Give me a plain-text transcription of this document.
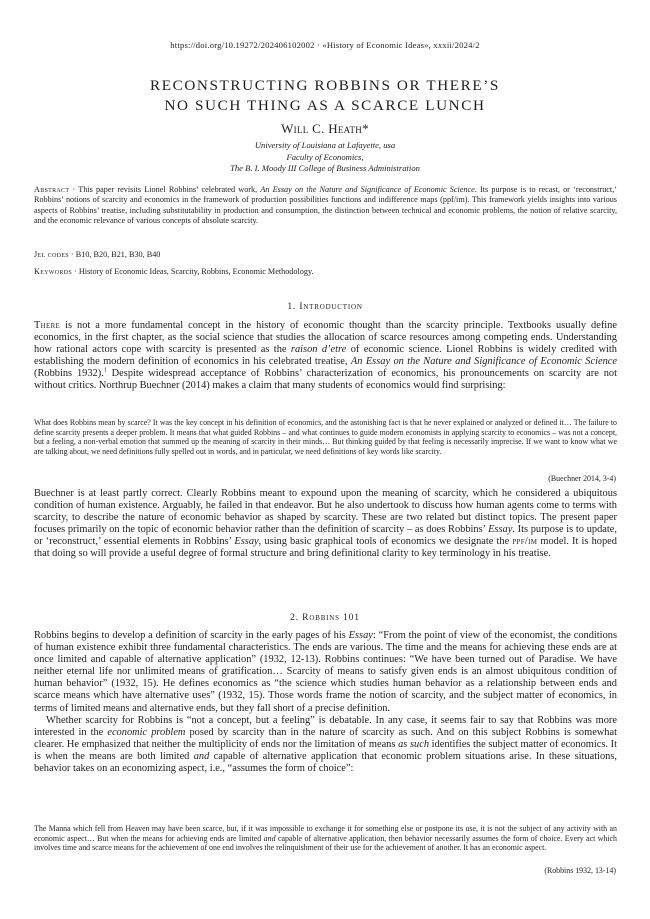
https://doi.org/10.19272/202406102002 · «History of Economic Ideas», xxxii/2024/2
RECONSTRUCTING ROBBINS OR THERE’S
NO SUCH THING AS A SCARCE LUNCH
Will C. Heath*
University of Louisiana at Lafayette, usa
Faculty of Economics,
The B. I. Moody III College of Business Administration
Abstract · This paper revisits Lionel Robbins’ celebrated work, An Essay on the Nature and Significance of Economic Science. Its purpose is to recast, or ‘reconstruct,’ Robbins’ notions of scarcity and economics in the framework of production possibilities functions and indifference maps (ppf/im). This framework yields insights into various aspects of Robbins’ treatise, including substitutability in production and consumption, the distinction between technical and economic problems, the notion of relative scarcity, and the economic relevance of various concepts of absolute scarcity.
Jel codes · B10, B20, B21, B30, B40
Keywords · History of Economic Ideas, Scarcity, Robbins, Economic Methodology.
1. Introduction
There is not a more fundamental concept in the history of economic thought than the scarcity principle. Textbooks usually define economics, in the first chapter, as the social science that studies the allocation of scarce resources among competing ends. Understanding how rational actors cope with scarcity is presented as the raison d’etre of economic science. Lionel Robbins is widely credited with establishing the modern definition of economics in his celebrated treatise, An Essay on the Nature and Significance of Economic Science (Robbins 1932).$^1$ Despite widespread acceptance of Robbins’ characterization of economics, his pronouncements on scarcity are not without critics. Northrup Buechner (2014) makes a claim that many students of economics would find surprising:
What does Robbins mean by scarce? It was the key concept in his definition of economics, and the astonishing fact is that he never explained or analyzed or defined it… The failure to define scarcity presents a deeper problem. It means that what guided Robbins – and what continues to guide modern economists in applying scarcity to economics – was not a concept, but a feeling, a non-verbal emotion that summed up the meaning of scarcity in their minds… But thinking guided by that feeling is necessarily imprecise. If we want to know what we are talking about, we need definitions fully spelled out in words, and in particular, we need definitions of key words like scarcity.
(Buechner 2014, 3-4)
Buechner is at least partly correct. Clearly Robbins meant to expound upon the meaning of scarcity, which he considered a ubiquitous condition of human existence. Arguably, he failed in that endeavor. But he also undertook to discuss how human agents come to terms with scarcity, to describe the nature of economic behavior as shaped by scarcity. These are two related but distinct topics. The present paper focuses primarily on the topic of economic behavior rather than the definition of scarcity – as does Robbins’ Essay. Its purpose is to update, or ‘reconstruct,’ essential elements in Robbins’ Essay, using basic graphical tools of economics we designate the ppf/im model. It is hoped that doing so will provide a useful degree of formal structure and bring definitional clarity to key terminology in his treatise.
2. Robbins 101

Robbins begins to develop a definition of scarcity in the early pages of his Essay: “From the point of view of the economist, the conditions of human existence exhibit three fundamental characteristics. The ends are various. The time and the means for achieving these ends are at once limited and capable of alternative application” (1932, 12-13). Robbins continues: “We have been turned out of Paradise. We have neither eternal life nor unlimited means of gratification… Scarcity of means to satisfy given ends is an almost ubiquitous condition of human behavior” (1932, 15). He defines economics as “the science which studies human behavior as a relationship between ends and scarce means which have alternative uses” (1932, 15). Those words frame the notion of scarcity, and the subject matter of economics, in terms of limited means and alternative ends, but they fall short of a precise definition.

Whether scarcity for Robbins is “not a concept, but a feeling” is debatable. In any case, it seems fair to say that Robbins was more interested in the economic problem posed by scarcity than in the nature of scarcity as such. And on this subject Robbins is somewhat clearer. He emphasized that neither the multiplicity of ends nor the limitation of means as such identifies the subject matter of economics. It is when the means are both limited and capable of alternative application that economic problem situations arise. In these situations, behavior takes on an economizing aspect, i.e., “assumes the form of choice”:

The Manna which fell from Heaven may have been scarce, but, if it was impossible to exchange it for something else or postpone its use, it is not the subject of any activity with an economic aspect… But when the means for achieving ends are limited and capable of alternative application, then behavior necessarily assumes the form of choice. Every act which involves time and scarce means for the achievement of one end involves the relinquishment of their use for the achievement of another. It has an economic aspect.
(Robbins 1932, 13-14)
